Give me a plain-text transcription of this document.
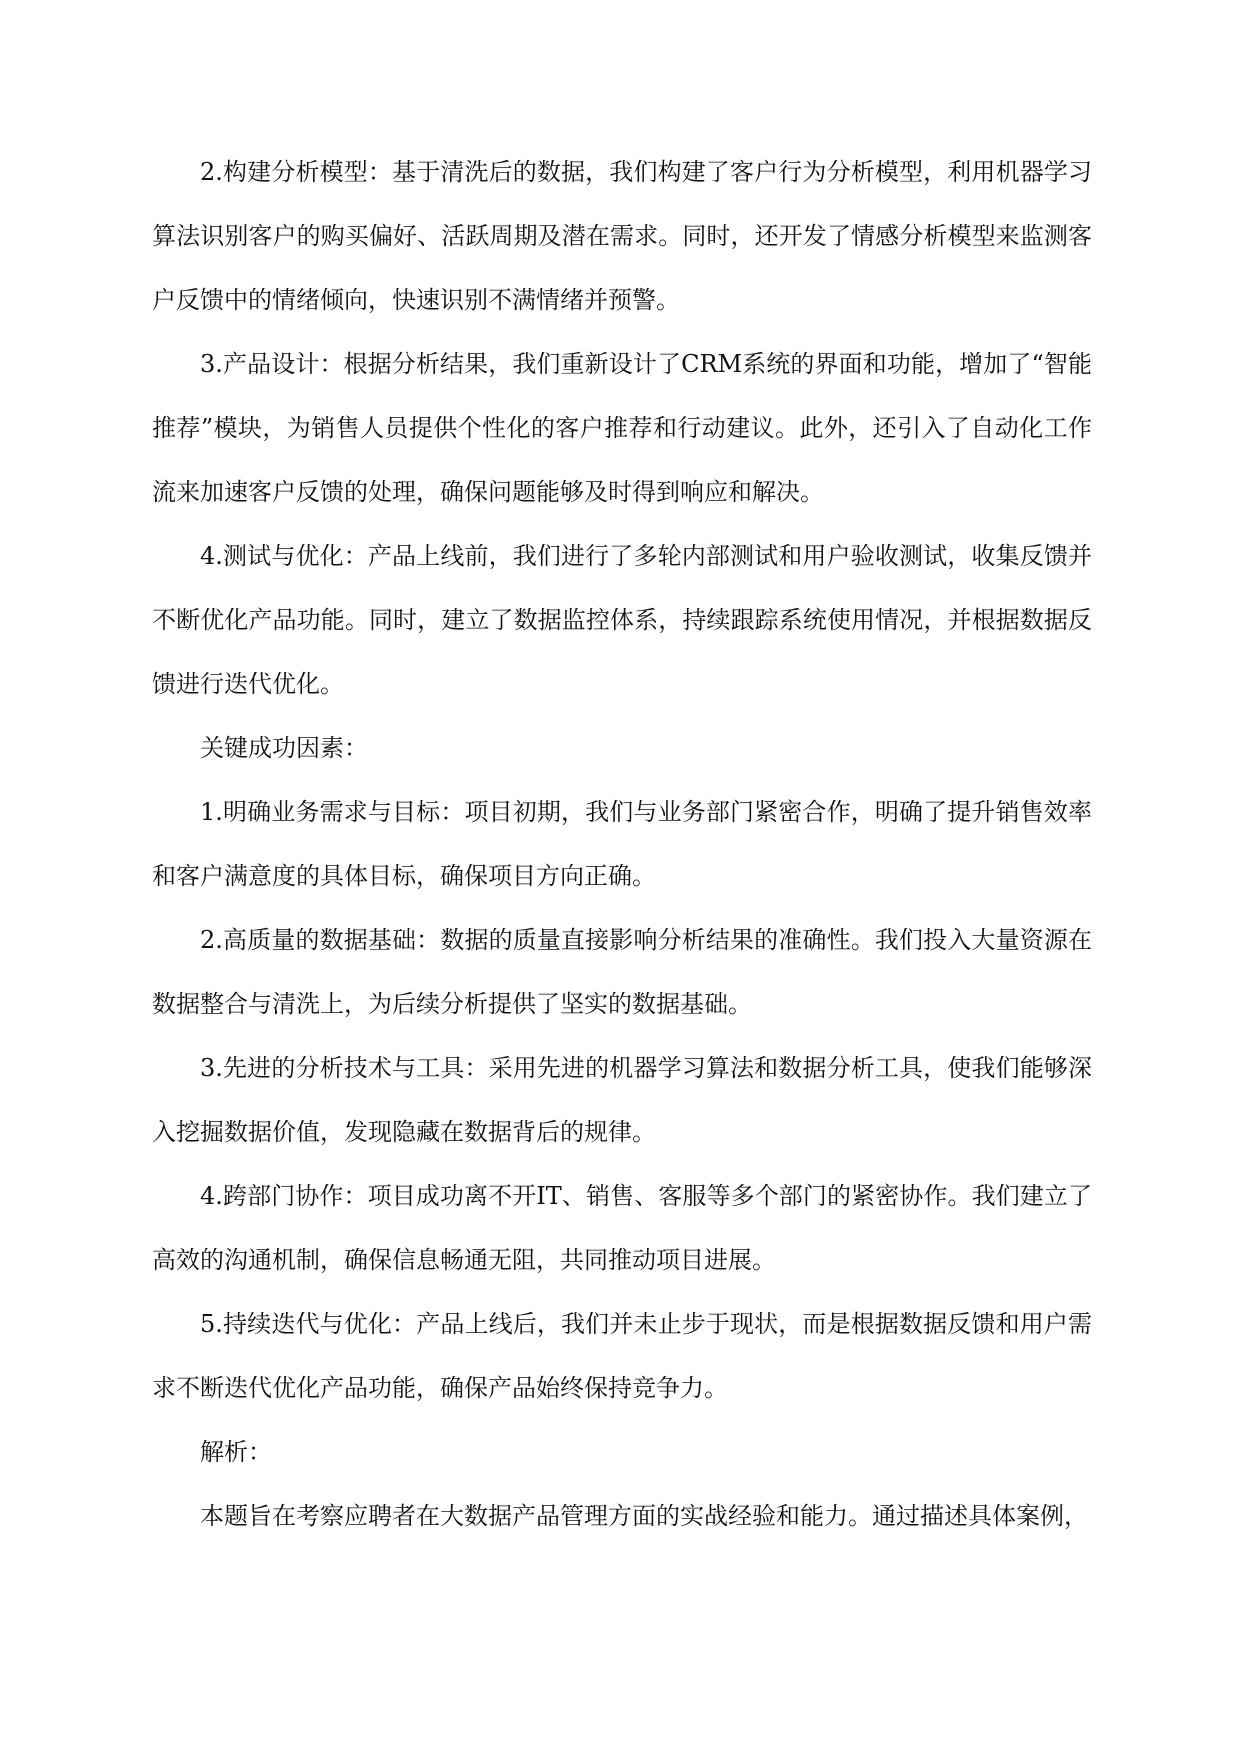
2.构建分析模型：基于清洗后的数据，我们构建了客户行为分析模型，利用机器学习算法识别客户的购买偏好、活跃周期及潜在需求。同时，还开发了情感分析模型来监测客户反馈中的情绪倾向，快速识别不满情绪并预警。

3.产品设计：根据分析结果，我们重新设计了CRM系统的界面和功能，增加了“智能推荐”模块，为销售人员提供个性化的客户推荐和行动建议。此外，还引入了自动化工作流来加速客户反馈的处理，确保问题能够及时得到响应和解决。

4.测试与优化：产品上线前，我们进行了多轮内部测试和用户验收测试，收集反馈并不断优化产品功能。同时，建立了数据监控体系，持续跟踪系统使用情况，并根据数据反馈进行迭代优化。

关键成功因素：

1.明确业务需求与目标：项目初期，我们与业务部门紧密合作，明确了提升销售效率和客户满意度的具体目标，确保项目方向正确。

2.高质量的数据基础：数据的质量直接影响分析结果的准确性。我们投入大量资源在数据整合与清洗上，为后续分析提供了坚实的数据基础。

3.先进的分析技术与工具：采用先进的机器学习算法和数据分析工具，使我们能够深入挖掘数据价值，发现隐藏在数据背后的规律。

4.跨部门协作：项目成功离不开IT、销售、客服等多个部门的紧密协作。我们建立了高效的沟通机制，确保信息畅通无阻，共同推动项目进展。

5.持续迭代与优化：产品上线后，我们并未止步于现状，而是根据数据反馈和用户需求不断迭代优化产品功能，确保产品始终保持竞争力。

解析：

本题旨在考察应聘者在大数据产品管理方面的实战经验和能力。通过描述具体案例，
